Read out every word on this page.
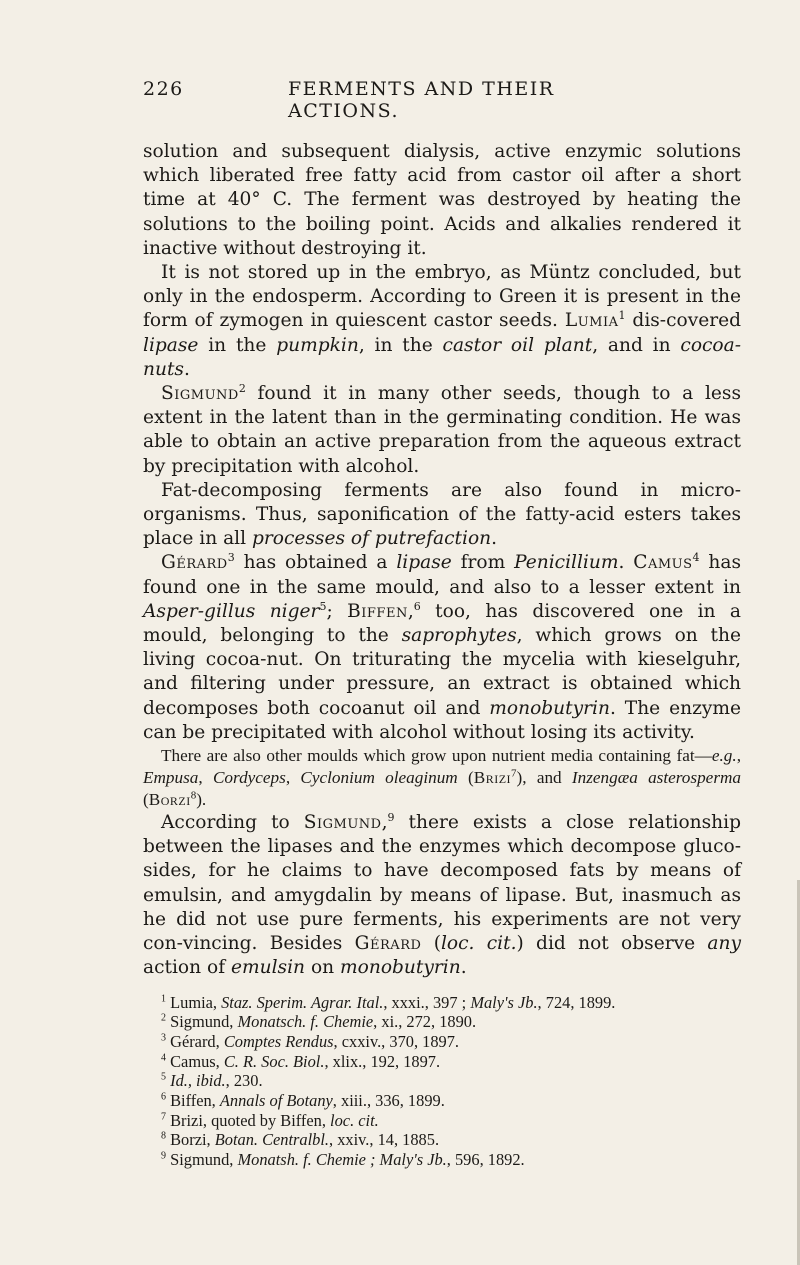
226	FERMENTS AND THEIR ACTIONS.

solution and subsequent dialysis, active enzymic solutions which liberated free fatty acid from castor oil after a short time at 40° C. The ferment was destroyed by heating the solutions to the boiling point. Acids and alkalies rendered it inactive without destroying it.

It is not stored up in the embryo, as Müntz concluded, but only in the endosperm. According to Green it is present in the form of zymogen in quiescent castor seeds. Lumia$^1$ dis-covered lipase in the pumpkin, in the castor oil plant, and in cocoa-nuts.

Sigmund$^2$ found it in many other seeds, though to a less extent in the latent than in the germinating condition. He was able to obtain an active preparation from the aqueous extract by precipitation with alcohol.

Fat-decomposing ferments are also found in micro-organisms. Thus, saponification of the fatty-acid esters takes place in all processes of putrefaction.

Gérard$^3$ has obtained a lipase from Penicillium. Camus$^4$ has found one in the same mould, and also to a lesser extent in Asper-gillus niger$^5$; Biffen,$^6$ too, has discovered one in a mould, belonging to the saprophytes, which grows on the living cocoa-nut. On triturating the mycelia with kieselguhr, and filtering under pressure, an extract is obtained which decomposes both cocoanut oil and monobutyrin. The enzyme can be precipitated with alcohol without losing its activity.

There are also other moulds which grow upon nutrient media containing fat—e.g., Empusa, Cordyceps, Cyclonium oleaginum (Brizi$^7$), and Inzengæa asterosperma (Borzi$^8$).

According to Sigmund,$^9$ there exists a close relationship between the lipases and the enzymes which decompose gluco-sides, for he claims to have decomposed fats by means of emulsin, and amygdalin by means of lipase. But, inasmuch as he did not use pure ferments, his experiments are not very con-vincing. Besides Gérard (loc. cit.) did not observe any action of emulsin on monobutyrin.

$^1$ Lumia, Staz. Sperim. Agrar. Ital., xxxi., 397 ; Maly's Jb., 724, 1899.
$^2$ Sigmund, Monatsch. f. Chemie, xi., 272, 1890.
$^3$ Gérard, Comptes Rendus, cxxiv., 370, 1897.
$^4$ Camus, C. R. Soc. Biol., xlix., 192, 1897.
$^5$ Id., ibid., 230.
$^6$ Biffen, Annals of Botany, xiii., 336, 1899.
$^7$ Brizi, quoted by Biffen, loc. cit.
$^8$ Borzi, Botan. Centralbl., xxiv., 14, 1885.
$^9$ Sigmund, Monatsh. f. Chemie ; Maly's Jb., 596, 1892.
